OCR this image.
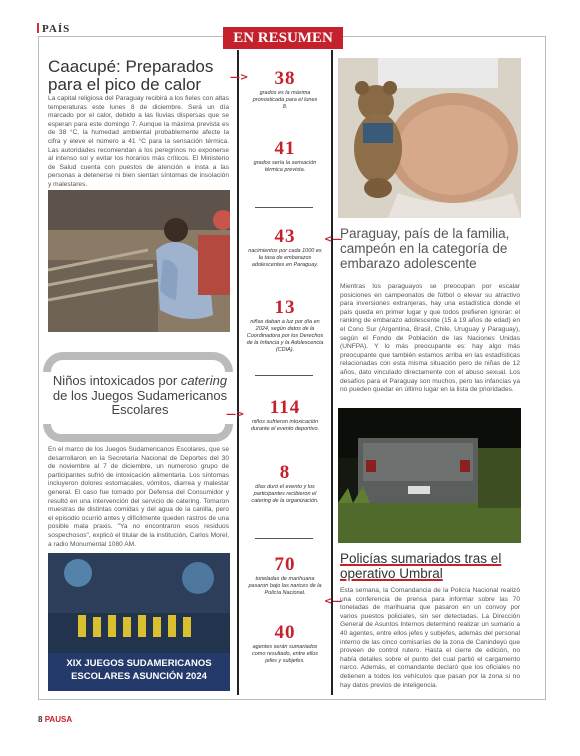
PAÍS
EN RESUMEN
—>
<—
—>
<—
38
grados es la máxima pronosticada para el lunes 8.
41
grados sería la sensación térmica prevista.
43
nacimientos por cada 1000 es la tasa de embarazos adolescentes en Paraguay.
13
niñas daban a luz por día en 2024, según datos de la Coordinadora por los Derechos de la Infancia y la Adolescencia (CDIA).
114
niños sufrieron intoxicación durante el evento deportivo.
8
días duró el evento y los participantes recibieron el catering de la organización.
70
toneladas de marihuana pasaron bajo las narices de la Policía Nacional.
40
agentes serán sumariados como resultado, entre ellos jefes y subjefes.
Caacupé: Preparados para el pico de calor
La capital religiosa del Paraguay recibirá a los fieles con altas temperaturas este lunes 8 de diciembre. Será un día marcado por el calor, debido a las lluvias dispersas que se esperan para este domingo 7. Aunque la máxima prevista es de 38 °C, la humedad ambiental probablemente afecte la cifra y eleve el número a 41 °C para la sensación térmica. Las autoridades recomiendan a los peregrinos no exponerse al intenso sol y evitar los horarios más críticos. El Ministerio de Salud cuenta con puestos de atención e insta a las personas a detenerse ni bien sientan síntomas de insolación y malestares.
Paraguay, país de la familia, campeón en la categoría de embarazo adolescente
Mientras los paraguayos se preocupan por escalar posiciones en campeonatos de fútbol o elevar su atractivo para inversiones extranjeras, hay una estadística donde el país queda en primer lugar y que todos prefieren ignorar: el ranking de embarazo adolescente (15 a 19 años de edad) en el Cono Sur (Argentina, Brasil, Chile, Uruguay y Paraguay), según el Fondo de Población de las Naciones Unidas (UNFPA). Y lo más preocupante es: hay algo más preocupante que también estamos arriba en las estadísticas relacionadas con esta misma situación pero de niñas de 12 años, dato vinculado directamente con el abuso sexual. Los desafíos para el Paraguay son muchos, pero las infancias ya no pueden quedar en último lugar en la lista de prioridades.
Niños intoxicados por catering de los Juegos Sudamericanos Escolares
En el marco de los Juegos Sudamericanos Escolares, que se desarrollaron en la Secretaría Nacional de Deportes del 30 de noviembre al 7 de diciembre, un numeroso grupo de participantes sufrió de intoxicación alimentaria. Los síntomas incluyeron dolores estomacales, vómitos, diarrea y malestar general. El caso fue tomado por Defensa del Consumidor y resultó en una intervención del servicio de catering. Tomaron muestras de distintas comidas y del agua de la canilla, pero el episodio ocurrió antes y difícilmente queden rastros de una posible mala praxis. "Ya no encontraron esos residuos sospechosos", explicó el titular de la institución, Carlos Morel, a radio Monumental 1080 AM.
XIX JUEGOS SUDAMERICANOS
ESCOLARES ASUNCIÓN 2024
Policías sumariados tras el operativo Umbral
Esta semana, la Comandancia de la Policía Nacional realizó una conferencia de prensa para informar sobre las 70 toneladas de marihuana que pasaron en un convoy por varios puestos policiales, sin ser detectadas. La Dirección General de Asuntos Internos determinó realizar un sumario a 40 agentes, entre ellos jefes y subjefes, además del personal interno de las cinco comisarías de la zona de Canindeyú que proveen de control rutero. Hasta el cierre de edición, no había detalles sobre el punto del cual partió el cargamento narco. Además, el comandante declaró que los oficiales no detienen a todos los vehículos que pasan por la zona si no hay datos previos de inteligencia.
8 PAUSA
